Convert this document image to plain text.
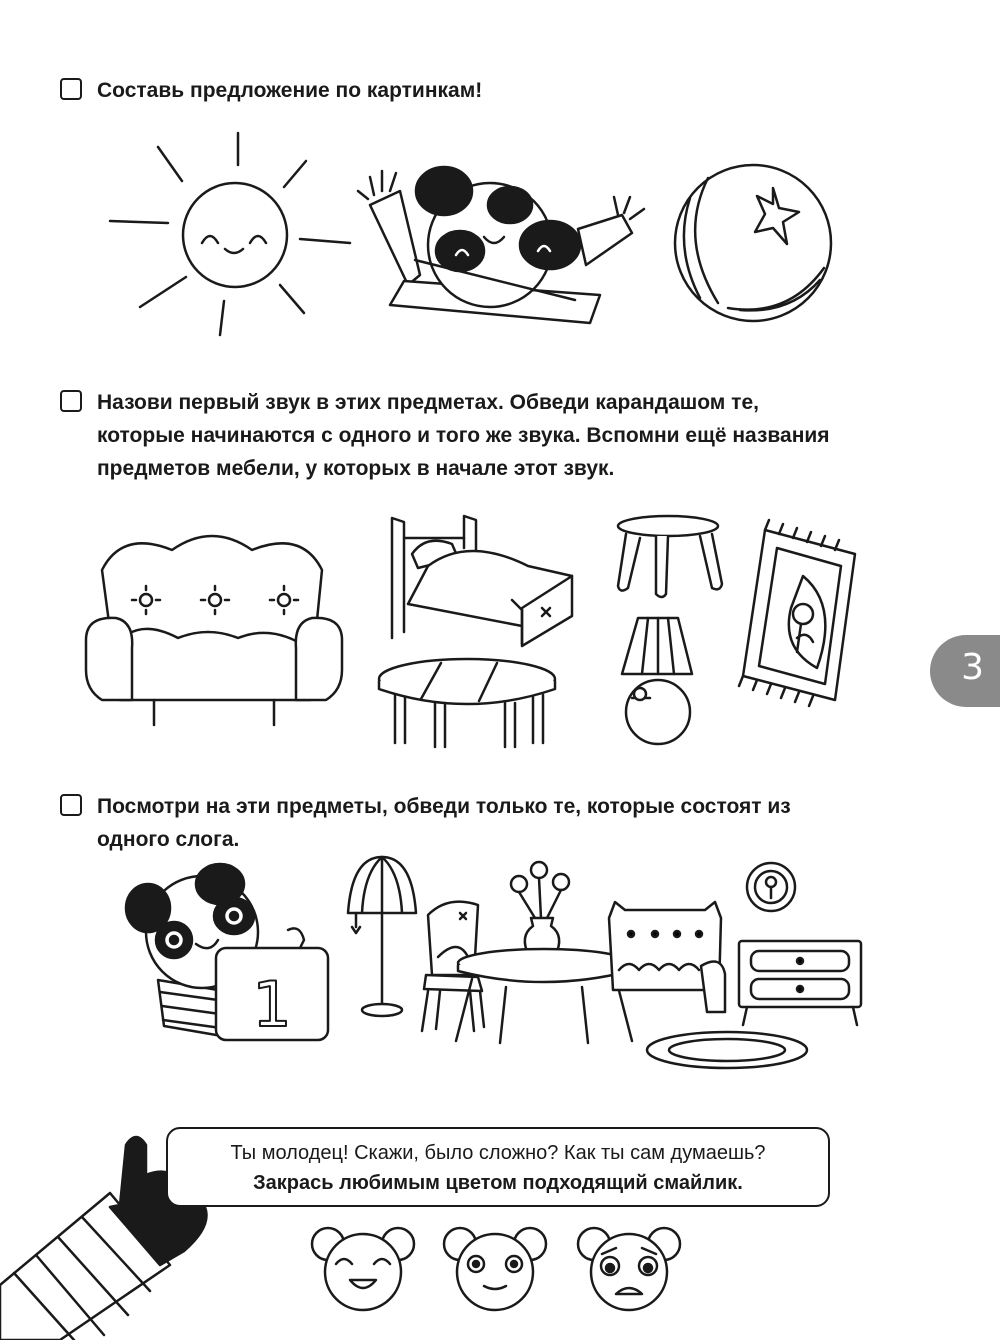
Составь предложение по картинкам!
Назови первый звук в этих предметах. Обведи карандашом те,
которые начинаются с одного и того же звука. Вспомни ещё названия
предметов мебели, у которых в начале этот звук.
3
Посмотри на эти предметы, обведи только те, которые состоят из
одного слога.
1
Ты молодец! Скажи, было сложно? Как ты сам думаешь?
Закрась любимым цветом подходящий смайлик.
